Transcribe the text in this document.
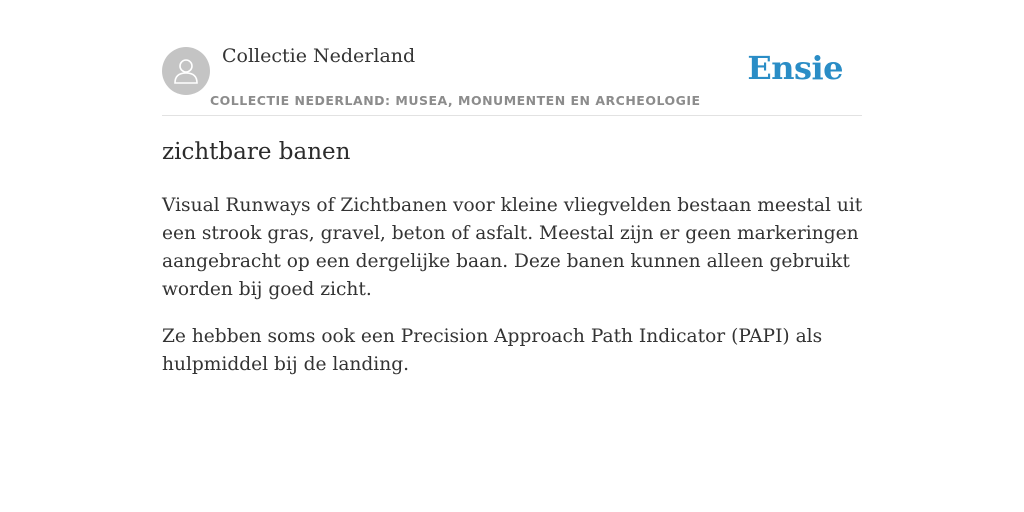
Collectie Nederland
COLLECTIE NEDERLAND: MUSEA, MONUMENTEN EN ARCHEOLOGIE
Ensie
zichtbare banen

Visual Runways of Zichtbanen voor kleine vliegvelden bestaan meestal uit een strook gras, gravel, beton of asfalt. Meestal zijn er geen markeringen aangebracht op een dergelijke baan. Deze banen kunnen alleen gebruikt worden bij goed zicht.

Ze hebben soms ook een Precision Approach Path Indicator (PAPI) als hulpmiddel bij de landing.
